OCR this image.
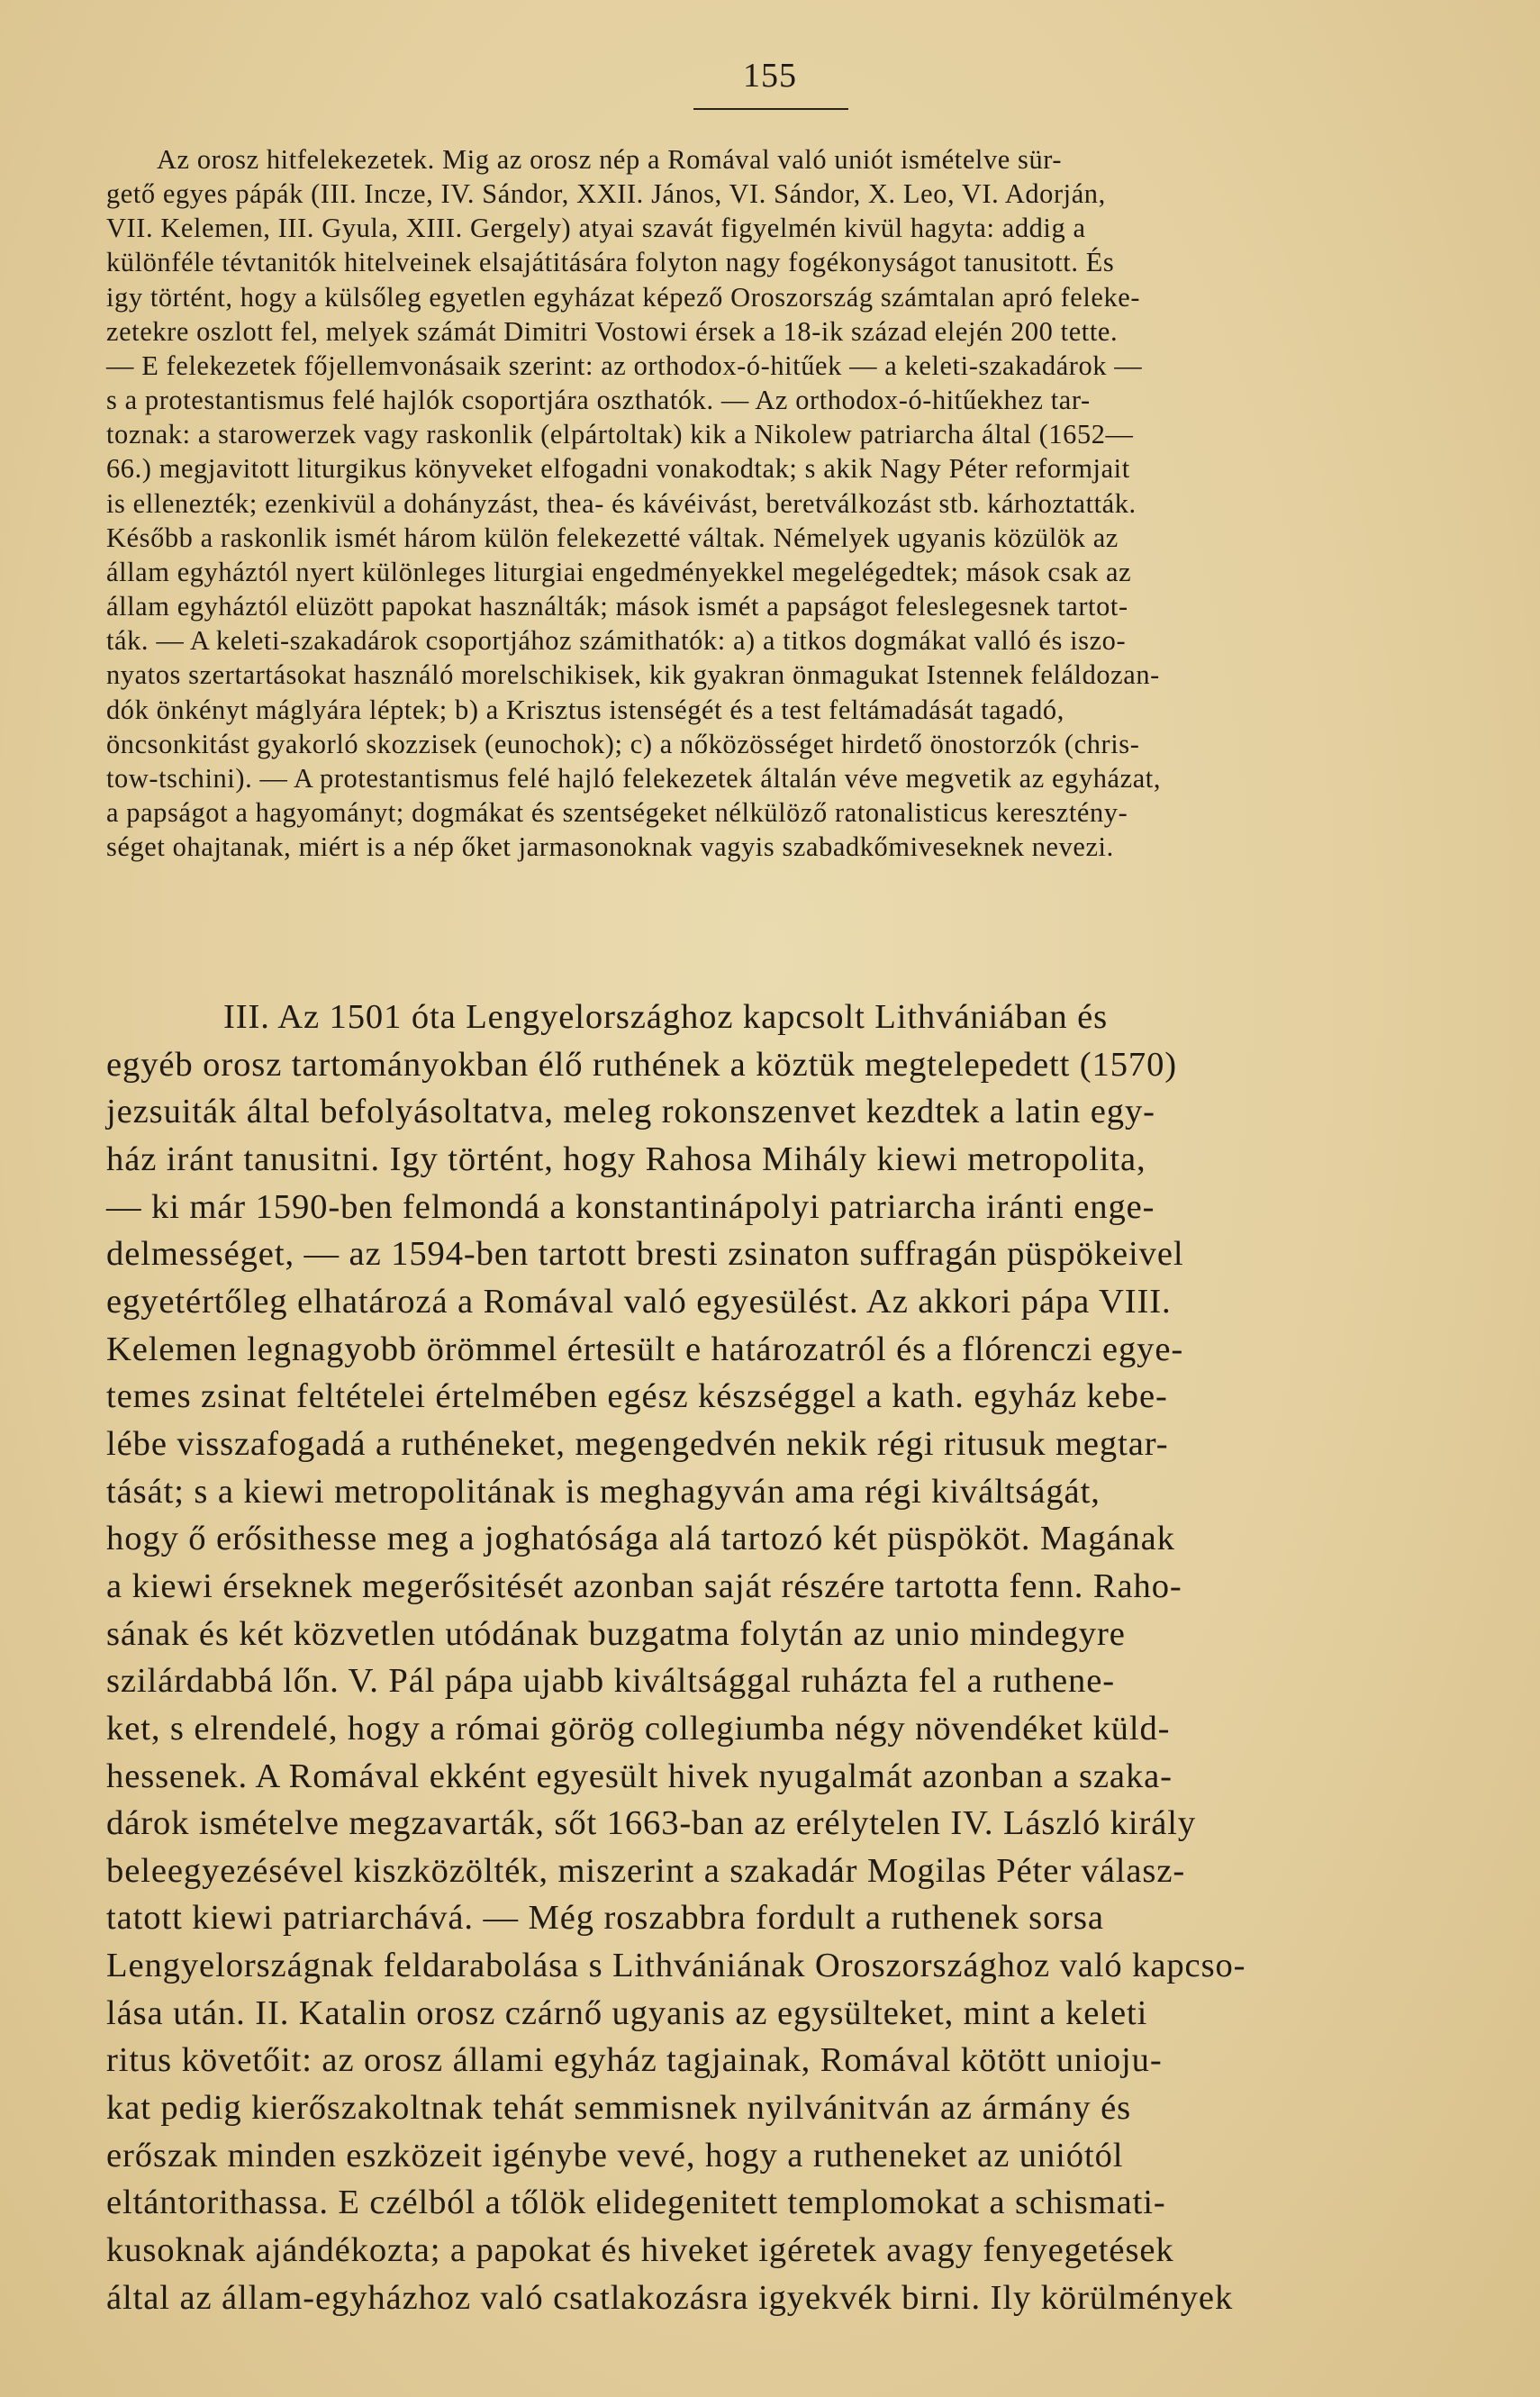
155
Az orosz hitfelekezetek. Mig az orosz nép a Romával való uniót ismételve sür-
gető egyes pápák (III. Incze, IV. Sándor, XXII. János, VI. Sándor, X. Leo, VI. Adorján,
VII. Kelemen, III. Gyula, XIII. Gergely) atyai szavát figyelmén kivül hagyta: addig a
különféle tévtanitók hitelveinek elsajátitására folyton nagy fogékonyságot tanusitott. És
igy történt, hogy a külsőleg egyetlen egyházat képező Oroszország számtalan apró feleke-
zetekre oszlott fel, melyek számát Dimitri Vostowi érsek a 18-ik század elején 200 tette.
— E felekezetek főjellemvonásaik szerint: az orthodox-ó-hitűek — a keleti-szakadárok —
s a protestantismus felé hajlók csoportjára oszthatók. — Az orthodox-ó-hitűekhez tar-
toznak: a starowerzek vagy raskonlik (elpártoltak) kik a Nikolew patriarcha által (1652—
66.) megjavitott liturgikus könyveket elfogadni vonakodtak; s akik Nagy Péter reformjait
is ellenezték; ezenkivül a dohányzást, thea- és kávéivást, beretválkozást stb. kárhoztatták.
Később a raskonlik ismét három külön felekezetté váltak. Némelyek ugyanis közülök az
állam egyháztól nyert különleges liturgiai engedményekkel megelégedtek; mások csak az
állam egyháztól elüzött papokat használták; mások ismét a papságot feleslegesnek tartot-
ták. — A keleti-szakadárok csoportjához számithatók: a) a titkos dogmákat valló és iszo-
nyatos szertartásokat használó morelschikisek, kik gyakran önmagukat Istennek feláldozan-
dók önkényt máglyára léptek; b) a Krisztus istenségét és a test feltámadását tagadó,
öncsonkitást gyakorló skozzisek (eunochok); c) a nőközösséget hirdető önostorzók (chris-
tow-tschini). — A protestantismus felé hajló felekezetek általán véve megvetik az egyházat,
a papságot a hagyományt; dogmákat és szentségeket nélkülöző ratonalisticus keresztény-
séget ohajtanak, miért is a nép őket jarmasonoknak vagyis szabadkőmiveseknek nevezi.
III. Az 1501 óta Lengyelországhoz kapcsolt Lithvániában és
egyéb orosz tartományokban élő ruthének a köztük megtelepedett (1570)
jezsuiták által befolyásoltatva, meleg rokonszenvet kezdtek a latin egy-
ház iránt tanusitni. Igy történt, hogy Rahosa Mihály kiewi metropolita,
— ki már 1590-ben felmondá a konstantinápolyi patriarcha iránti enge-
delmességet, — az 1594-ben tartott bresti zsinaton suffragán püspökeivel
egyetértőleg elhatározá a Romával való egyesülést. Az akkori pápa VIII.
Kelemen legnagyobb örömmel értesült e határozatról és a flórenczi egye-
temes zsinat feltételei értelmében egész készséggel a kath. egyház kebe-
lébe visszafogadá a ruthéneket, megengedvén nekik régi ritusuk megtar-
tását; s a kiewi metropolitának is meghagyván ama régi kiváltságát,
hogy ő erősithesse meg a joghatósága alá tartozó két püspököt. Magának
a kiewi érseknek megerősitését azonban saját részére tartotta fenn. Raho-
sának és két közvetlen utódának buzgatma folytán az unio mindegyre
szilárdabbá lőn. V. Pál pápa ujabb kiváltsággal ruházta fel a ruthene-
ket, s elrendelé, hogy a római görög collegiumba négy növendéket küld-
hessenek. A Romával ekként egyesült hivek nyugalmát azonban a szaka-
dárok ismételve megzavarták, sőt 1663-ban az erélytelen IV. László király
beleegyezésével kiszközölték, miszerint a szakadár Mogilas Péter válasz-
tatott kiewi patriarchává. — Még roszabbra fordult a ruthenek sorsa
Lengyelországnak feldarabolása s Lithvániának Oroszországhoz való kapcso-
lása után. II. Katalin orosz czárnő ugyanis az egysülteket, mint a keleti
ritus követőit: az orosz állami egyház tagjainak, Romával kötött unioju-
kat pedig kierőszakoltnak tehát semmisnek nyilvánitván az ármány és
erőszak minden eszközeit igénybe vevé, hogy a rutheneket az uniótól
eltántorithassa. E czélból a tőlök elidegenitett templomokat a schismati-
kusoknak ajándékozta; a papokat és hiveket igéretek avagy fenyegetések
által az állam-egyházhoz való csatlakozásra igyekvék birni. Ily körülmények
